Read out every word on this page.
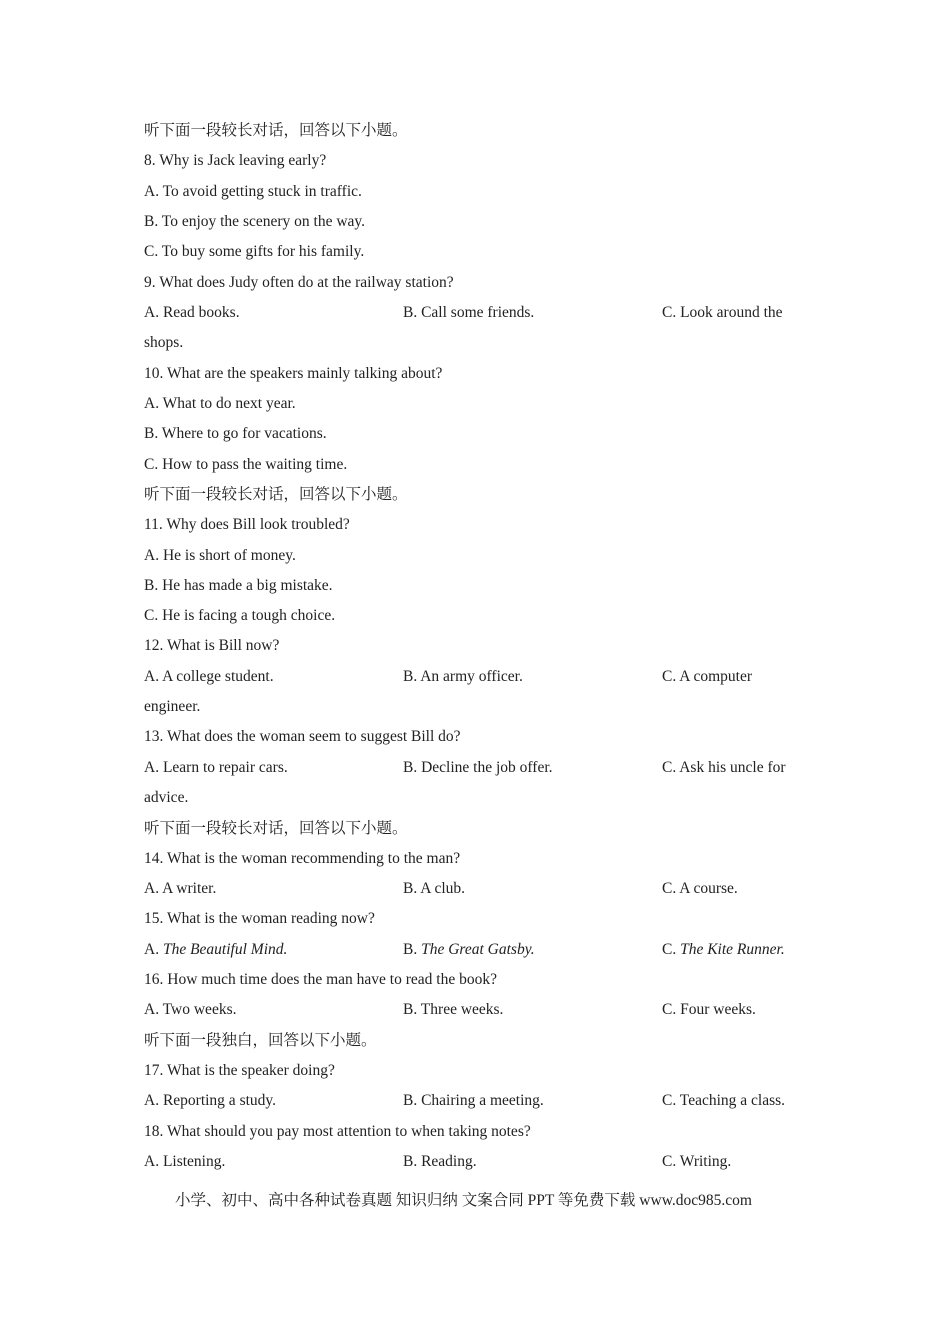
听下面一段较长对话，回答以下小题。
8. Why is Jack leaving early?
A. To avoid getting stuck in traffic.
B. To enjoy the scenery on the way.
C. To buy some gifts for his family.
9. What does Judy often do at the railway station?
A. Read books.	B. Call some friends.	C. Look around the
shops.
10. What are the speakers mainly talking about?
A. What to do next year.
B. Where to go for vacations.
C. How to pass the waiting time.
听下面一段较长对话，回答以下小题。
11. Why does Bill look troubled?
A. He is short of money.
B. He has made a big mistake.
C. He is facing a tough choice.
12. What is Bill now?
A. A college student.	B. An army officer.	C. A computer
engineer.
13. What does the woman seem to suggest Bill do?
A. Learn to repair cars.	B. Decline the job offer.	C. Ask his uncle for
advice.
听下面一段较长对话，回答以下小题。
14. What is the woman recommending to the man?
A. A writer.	B. A club.	C. A course.
15. What is the woman reading now?
A. The Beautiful Mind.	B. The Great Gatsby.	C. The Kite Runner.
16. How much time does the man have to read the book?
A. Two weeks.	B. Three weeks.	C. Four weeks.
听下面一段独白，回答以下小题。
17. What is the speaker doing?
A. Reporting a study.	B. Chairing a meeting.	C. Teaching a class.
18. What should you pay most attention to when taking notes?
A. Listening.	B. Reading.	C. Writing.
小学、初中、高中各种试卷真题 知识归纳 文案合同 PPT 等免费下载 www.doc985.com
